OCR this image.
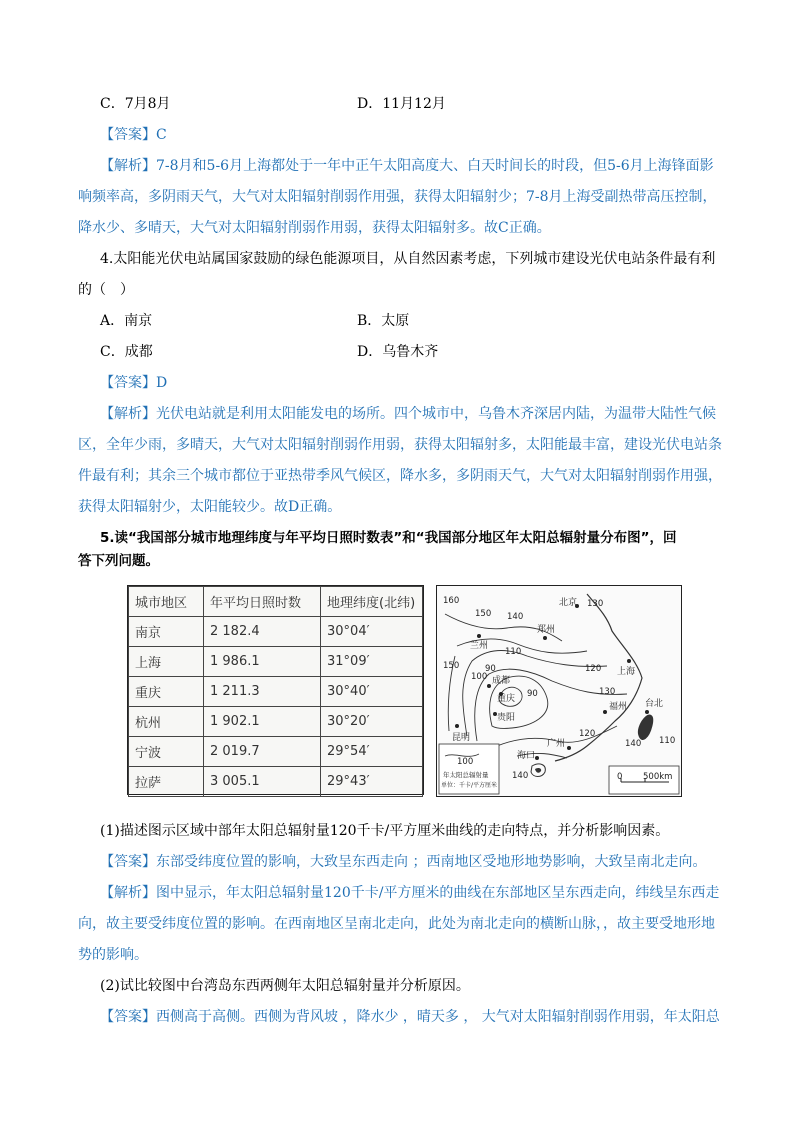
C．7月8月	D．11月12月
【答案】C
【解析】7-8月和5-6月上海都处于一年中正午太阳高度大、白天时间长的时段，但5-6月上海锋面影
响频率高，多阴雨天气，大气对太阳辐射削弱作用强，获得太阳辐射少；7-8月上海受副热带高压控制，
降水少、多晴天，大气对太阳辐射削弱作用弱，获得太阳辐射多。故C正确。
4.太阳能光伏电站属国家鼓励的绿色能源项目，从自然因素考虑，下列城市建设光伏电站条件最有利
的（　）
A．南京	B．太原
C．成都	D．乌鲁木齐
【答案】D
【解析】光伏电站就是利用太阳能发电的场所。四个城市中，乌鲁木齐深居内陆，为温带大陆性气候
区，全年少雨，多晴天，大气对太阳辐射削弱作用弱，获得太阳辐射多，太阳能最丰富，建设光伏电站条
件最有利；其余三个城市都位于亚热带季风气候区，降水多，多阴雨天气，大气对太阳辐射削弱作用强，
获得太阳辐射少，太阳能较少。故D正确。
5.读“我国部分城市地理纬度与年平均日照时数表”和“我国部分地区年太阳总辐射量分布图”，回
答下列问题。
城市地区	年平均日照时数	地理纬度(北纬)
南京	2 182.4	30°04′
上海	1 986.1	31°09′
重庆	1 211.3	30°40′
杭州	1 902.1	30°20′
宁波	2 019.7	29°54′
拉萨	3 005.1	29°43′
北京
兰州
郑州
上海
成都
重庆
贵阳
福州 台北
昆明
广州
海口
160
150 140
130
110
120
150	90
100
90	130
120
140 110
140
100
年太阳总辐射量
单位：千卡/平方厘米
0 500km
(1)描述图示区域中部年太阳总辐射量120千卡/平方厘米曲线的走向特点，并分析影响因素。
【答案】东部受纬度位置的影响，大致呈东西走向 ；西南地区受地形地势影响，大致呈南北走向。
【解析】图中显示，年太阳总辐射量120千卡/平方厘米的曲线在东部地区呈东西走向，纬线呈东西走
向，故主要受纬度位置的影响。在西南地区呈南北走向，此处为南北走向的横断山脉，，故主要受地形地
势的影响。
(2)试比较图中台湾岛东西两侧年太阳总辐射量并分析原因。
【答案】西侧高于高侧。西侧为背风坡 ，降水少 ，晴天多 ， 大气对太阳辐射削弱作用弱，年太阳总
